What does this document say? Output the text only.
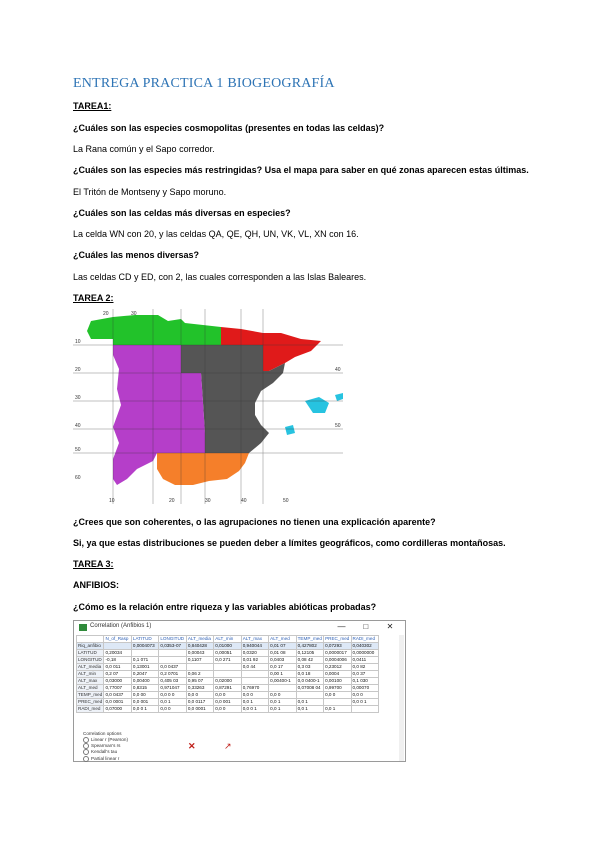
ENTREGA PRACTICA 1 BIOGEOGRAFÍA
TAREA1:
¿Cuáles son las especies cosmopolitas (presentes en todas las celdas)?
La Rana común y el Sapo corredor.
¿Cuáles son las especies más restringidas? Usa el mapa para saber en qué zonas aparecen estas últimas.
El Tritón de Montseny y Sapo moruno.
¿Cuáles son las celdas más diversas en especies?
La celda WN con 20, y las celdas QA, QE, QH, UN, VK, VL, XN con 16.
¿Cuáles las menos diversas?
Las celdas CD y ED, con 2, las cuales corresponden a las Islas Baleares.
TAREA 2:
20	30
10
20
30
40
50
60
40
50
10	20	30	40	50
¿Crees que son coherentes, o las agrupaciones no tienen una explicación aparente?
Si, ya que estas distribuciones se pueden deber a límites geográficos, como cordilleras montañosas.
TAREA 3:
ANFIBIOS:
¿Cómo es la relación entre riqueza y las variables abióticas probadas?
Correlation (Anfibios 1)	— □ ✕
	N_of_Rasp	LATITUD	LONGITUD	ALT_media	ALT_min	ALT_max	ALT_med	TEMP_med	PREC_med	RADI_med
Riq_anfibio		0,0004073	0,0353-07	0,840428	0,01000	0,940044	0,01 07	0,427802	0,07293	0,040302
LATITUD	0,20034			0,00043	0,00051	0,0320	0,01 08	0,12105	0,0000017	0,0000000
LONGITUD	-0,18	0,1 071		0,1107	0,0 271	0,01 92	0,0403	0,08 42	0,0004006	0,0411
ALT_media	0,0 011	0,13001	0,0 0437			0,0 44	0,0 17	0,3 03	0,23012	0,0 82
ALT_min	0,2 07	0,2047	0,2 0701	0,06 2			0,00 1	0,0 18	0,0004	0,0 37
ALT_max	0,03000	0,00400	0,405 03	0,95 07	0,02000		0,00400-1	0,0 0400-1	0,00100	0,1 030
ALT_med	0,77007	0,8315	0,971047	0,33263	0,87291	0,76970		0,07008 04	0,99700	0,00070
TEMP_med	0,0 0437	0,0 00	0,0 0 0	0,0 0	0,0 0	0,0 0	0,0 0		0,0 0	0,0 0
PREC_med	0,0 0001	0,0 001	0,0 1	0,0 0117	0,0 001	0,0 1	0,0 1	0,0 1		0,0 0 1
RADI_med	0,07000	0,0 0 1	0,0 0	0,0 0001	0,0 0	0,0 0 1	0,0 1	0,0 1	0,0 1	
Correlation options
Linear r (Pearson)
Spearman's rs
Kendall's tau
Partial linear r
✕	↗
